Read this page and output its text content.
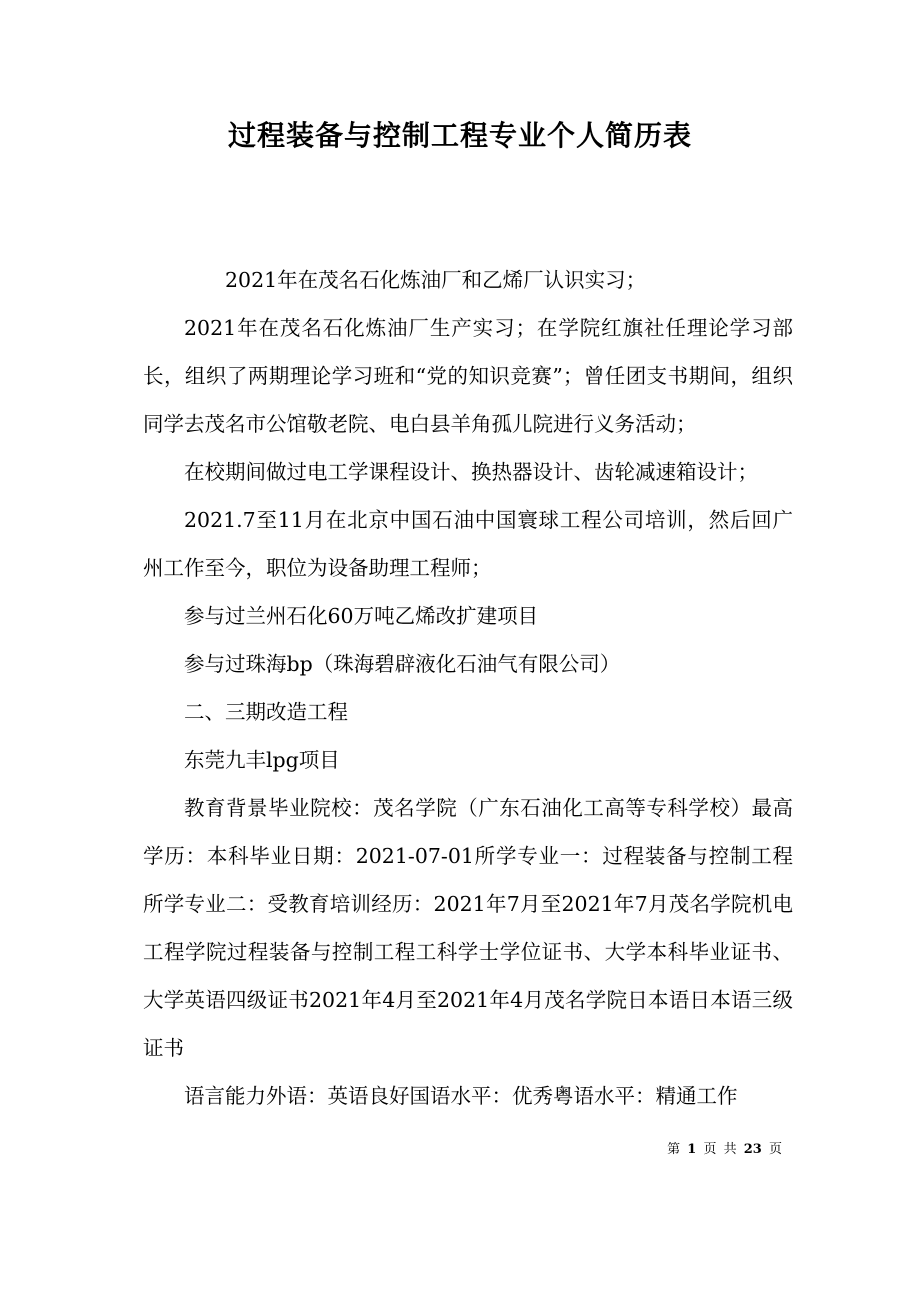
过程装备与控制工程专业个人简历表

2021年在茂名石化炼油厂和乙烯厂认识实习；

2021年在茂名石化炼油厂生产实习；在学院红旗社任理论学习部长，组织了两期理论学习班和“党的知识竞赛”；曾任团支书期间，组织同学去茂名市公馆敬老院、电白县羊角孤儿院进行义务活动；

在校期间做过电工学课程设计、换热器设计、齿轮减速箱设计；

2021.7至11月在北京中国石油中国寰球工程公司培训，然后回广州工作至今，职位为设备助理工程师；

参与过兰州石化60万吨乙烯改扩建项目

参与过珠海bp（珠海碧辟液化石油气有限公司）

二、三期改造工程

东莞九丰lpg项目

教育背景毕业院校：茂名学院（广东石油化工高等专科学校）最高学历：本科毕业日期：2021-07-01所学专业一：过程装备与控制工程所学专业二：受教育培训经历：2021年7月至2021年7月茂名学院机电工程学院过程装备与控制工程工科学士学位证书、大学本科毕业证书、大学英语四级证书2021年4月至2021年4月茂名学院日本语日本语三级证书

语言能力外语：英语良好国语水平：优秀粤语水平：精通工作

第 1 页 共 23 页
